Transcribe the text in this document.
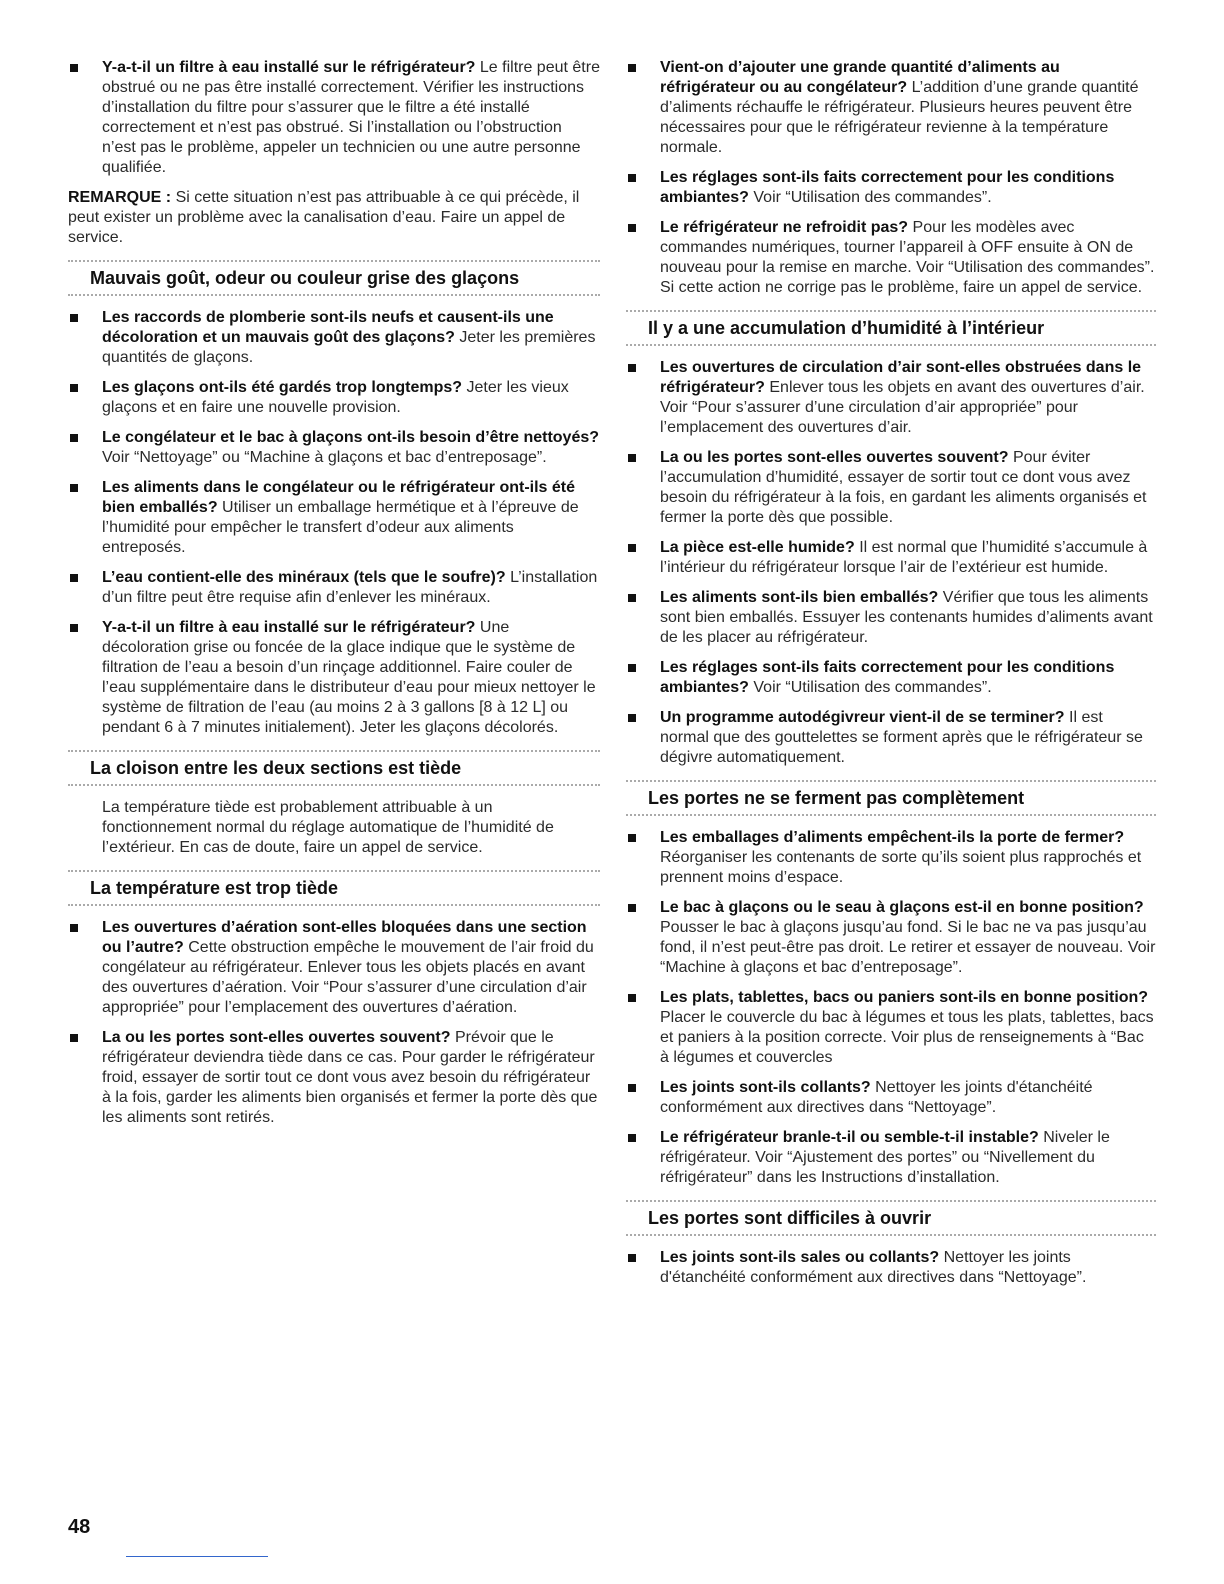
Y-a-t-il un filtre à eau installé sur le réfrigérateur? Le filtre peut être obstrué ou ne pas être installé correctement. Vérifier les instructions d’installation du filtre pour s’assurer que le filtre a été installé correctement et n’est pas obstrué. Si l’installation ou l’obstruction n’est pas le problème, appeler un technicien ou une autre personne qualifiée.

REMARQUE : Si cette situation n’est pas attribuable à ce qui précède, il peut exister un problème avec la canalisation d’eau. Faire un appel de service.

Mauvais goût, odeur ou couleur grise des glaçons
Les raccords de plomberie sont-ils neufs et causent-ils une décoloration et un mauvais goût des glaçons? Jeter les premières quantités de glaçons.
Les glaçons ont-ils été gardés trop longtemps? Jeter les vieux glaçons et en faire une nouvelle provision.
Le congélateur et le bac à glaçons ont-ils besoin d’être nettoyés? Voir “Nettoyage” ou “Machine à glaçons et bac d’entreposage”.
Les aliments dans le congélateur ou le réfrigérateur ont-ils été bien emballés? Utiliser un emballage hermétique et à l’épreuve de l’humidité pour empêcher le transfert d’odeur aux aliments entreposés.
L’eau contient-elle des minéraux (tels que le soufre)? L’installation d’un filtre peut être requise afin d’enlever les minéraux.
Y-a-t-il un filtre à eau installé sur le réfrigérateur? Une décoloration grise ou foncée de la glace indique que le système de filtration de l’eau a besoin d’un rinçage additionnel. Faire couler de l’eau supplémentaire dans le distributeur d’eau pour mieux nettoyer le système de filtration de l’eau (au moins 2 à 3 gallons [8 à 12 L] ou pendant 6 à 7 minutes initialement). Jeter les glaçons décolorés.
La cloison entre les deux sections est tiède

La température tiède est probablement attribuable à un fonctionnement normal du réglage automatique de l’humidité de l’extérieur. En cas de doute, faire un appel de service.

La température est trop tiède
Les ouvertures d’aération sont-elles bloquées dans une section ou l’autre? Cette obstruction empêche le mouvement de l’air froid du congélateur au réfrigérateur. Enlever tous les objets placés en avant des ouvertures d’aération. Voir “Pour s’assurer d’une circulation d’air appropriée” pour l’emplacement des ouvertures d’aération.
La ou les portes sont-elles ouvertes souvent? Prévoir que le réfrigérateur deviendra tiède dans ce cas. Pour garder le réfrigérateur froid, essayer de sortir tout ce dont vous avez besoin du réfrigérateur à la fois, garder les aliments bien organisés et fermer la porte dès que les aliments sont retirés.
Vient-on d’ajouter une grande quantité d’aliments au réfrigérateur ou au congélateur? L’addition d’une grande quantité d’aliments réchauffe le réfrigérateur. Plusieurs heures peuvent être nécessaires pour que le réfrigérateur revienne à la température normale.
Les réglages sont-ils faits correctement pour les conditions ambiantes? Voir “Utilisation des commandes”.
Le réfrigérateur ne refroidit pas? Pour les modèles avec commandes numériques, tourner l’appareil à OFF ensuite à ON de nouveau pour la remise en marche. Voir “Utilisation des commandes”. Si cette action ne corrige pas le problème, faire un appel de service.
Il y a une accumulation d’humidité à l’intérieur
Les ouvertures de circulation d’air sont-elles obstruées dans le réfrigérateur? Enlever tous les objets en avant des ouvertures d’air. Voir “Pour s’assurer d’une circulation d’air appropriée” pour l’emplacement des ouvertures d’air.
La ou les portes sont-elles ouvertes souvent? Pour éviter l’accumulation d’humidité, essayer de sortir tout ce dont vous avez besoin du réfrigérateur à la fois, en gardant les aliments organisés et fermer la porte dès que possible.
La pièce est-elle humide? Il est normal que l’humidité s’accumule à l’intérieur du réfrigérateur lorsque l’air de l’extérieur est humide.
Les aliments sont-ils bien emballés? Vérifier que tous les aliments sont bien emballés. Essuyer les contenants humides d’aliments avant de les placer au réfrigérateur.
Les réglages sont-ils faits correctement pour les conditions ambiantes? Voir “Utilisation des commandes”.
Un programme autodégivreur vient-il de se terminer? Il est normal que des gouttelettes se forment après que le réfrigérateur se dégivre automatiquement.
Les portes ne se ferment pas complètement
Les emballages d’aliments empêchent-ils la porte de fermer? Réorganiser les contenants de sorte qu’ils soient plus rapprochés et prennent moins d’espace.
Le bac à glaçons ou le seau à glaçons est-il en bonne position? Pousser le bac à glaçons jusqu’au fond. Si le bac ne va pas jusqu’au fond, il n’est peut-être pas droit. Le retirer et essayer de nouveau. Voir “Machine à glaçons et bac d’entreposage”.
Les plats, tablettes, bacs ou paniers sont-ils en bonne position? Placer le couvercle du bac à légumes et tous les plats, tablettes, bacs et paniers à la position correcte. Voir plus de renseignements à “Bac à légumes et couvercles
Les joints sont-ils collants? Nettoyer les joints d'étanchéité conformément aux directives dans “Nettoyage”.
Le réfrigérateur branle-t-il ou semble-t-il instable? Niveler le réfrigérateur. Voir “Ajustement des portes” ou “Nivellement du réfrigérateur” dans les Instructions d’installation.
Les portes sont difficiles à ouvrir
Les joints sont-ils sales ou collants? Nettoyer les joints d'étanchéité conformément aux directives dans “Nettoyage”.
48
